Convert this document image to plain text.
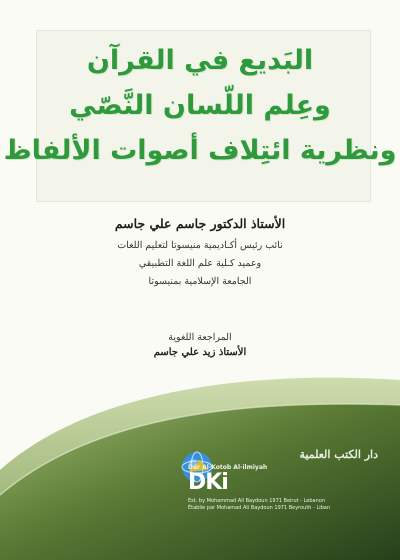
البَديع في القرآن
وعِلم اللّسان النَّصّي
ونظرية ائتِلاف أصوات الألفاظ
الأستاذ الدكتور جاسم علي جاسم
نائب رئيس أكـاديمية منيسوتا لتعليم اللغات
وعميد كـلية علم اللغة التطبيقي
الجامعة الإسلامية بمنيسوتا
المراجعة اللغوية
الأستاذ زيد علي جاسم
دار الكتب العلمية
Dar Al-Kotob Al-ilmiyah
DKi
Est. by Mohammad Ali Baydoun 1971 Beirut - Lebanon
Établie par Mohamad Ali Baydoun 1971 Beyrouth - Liban
